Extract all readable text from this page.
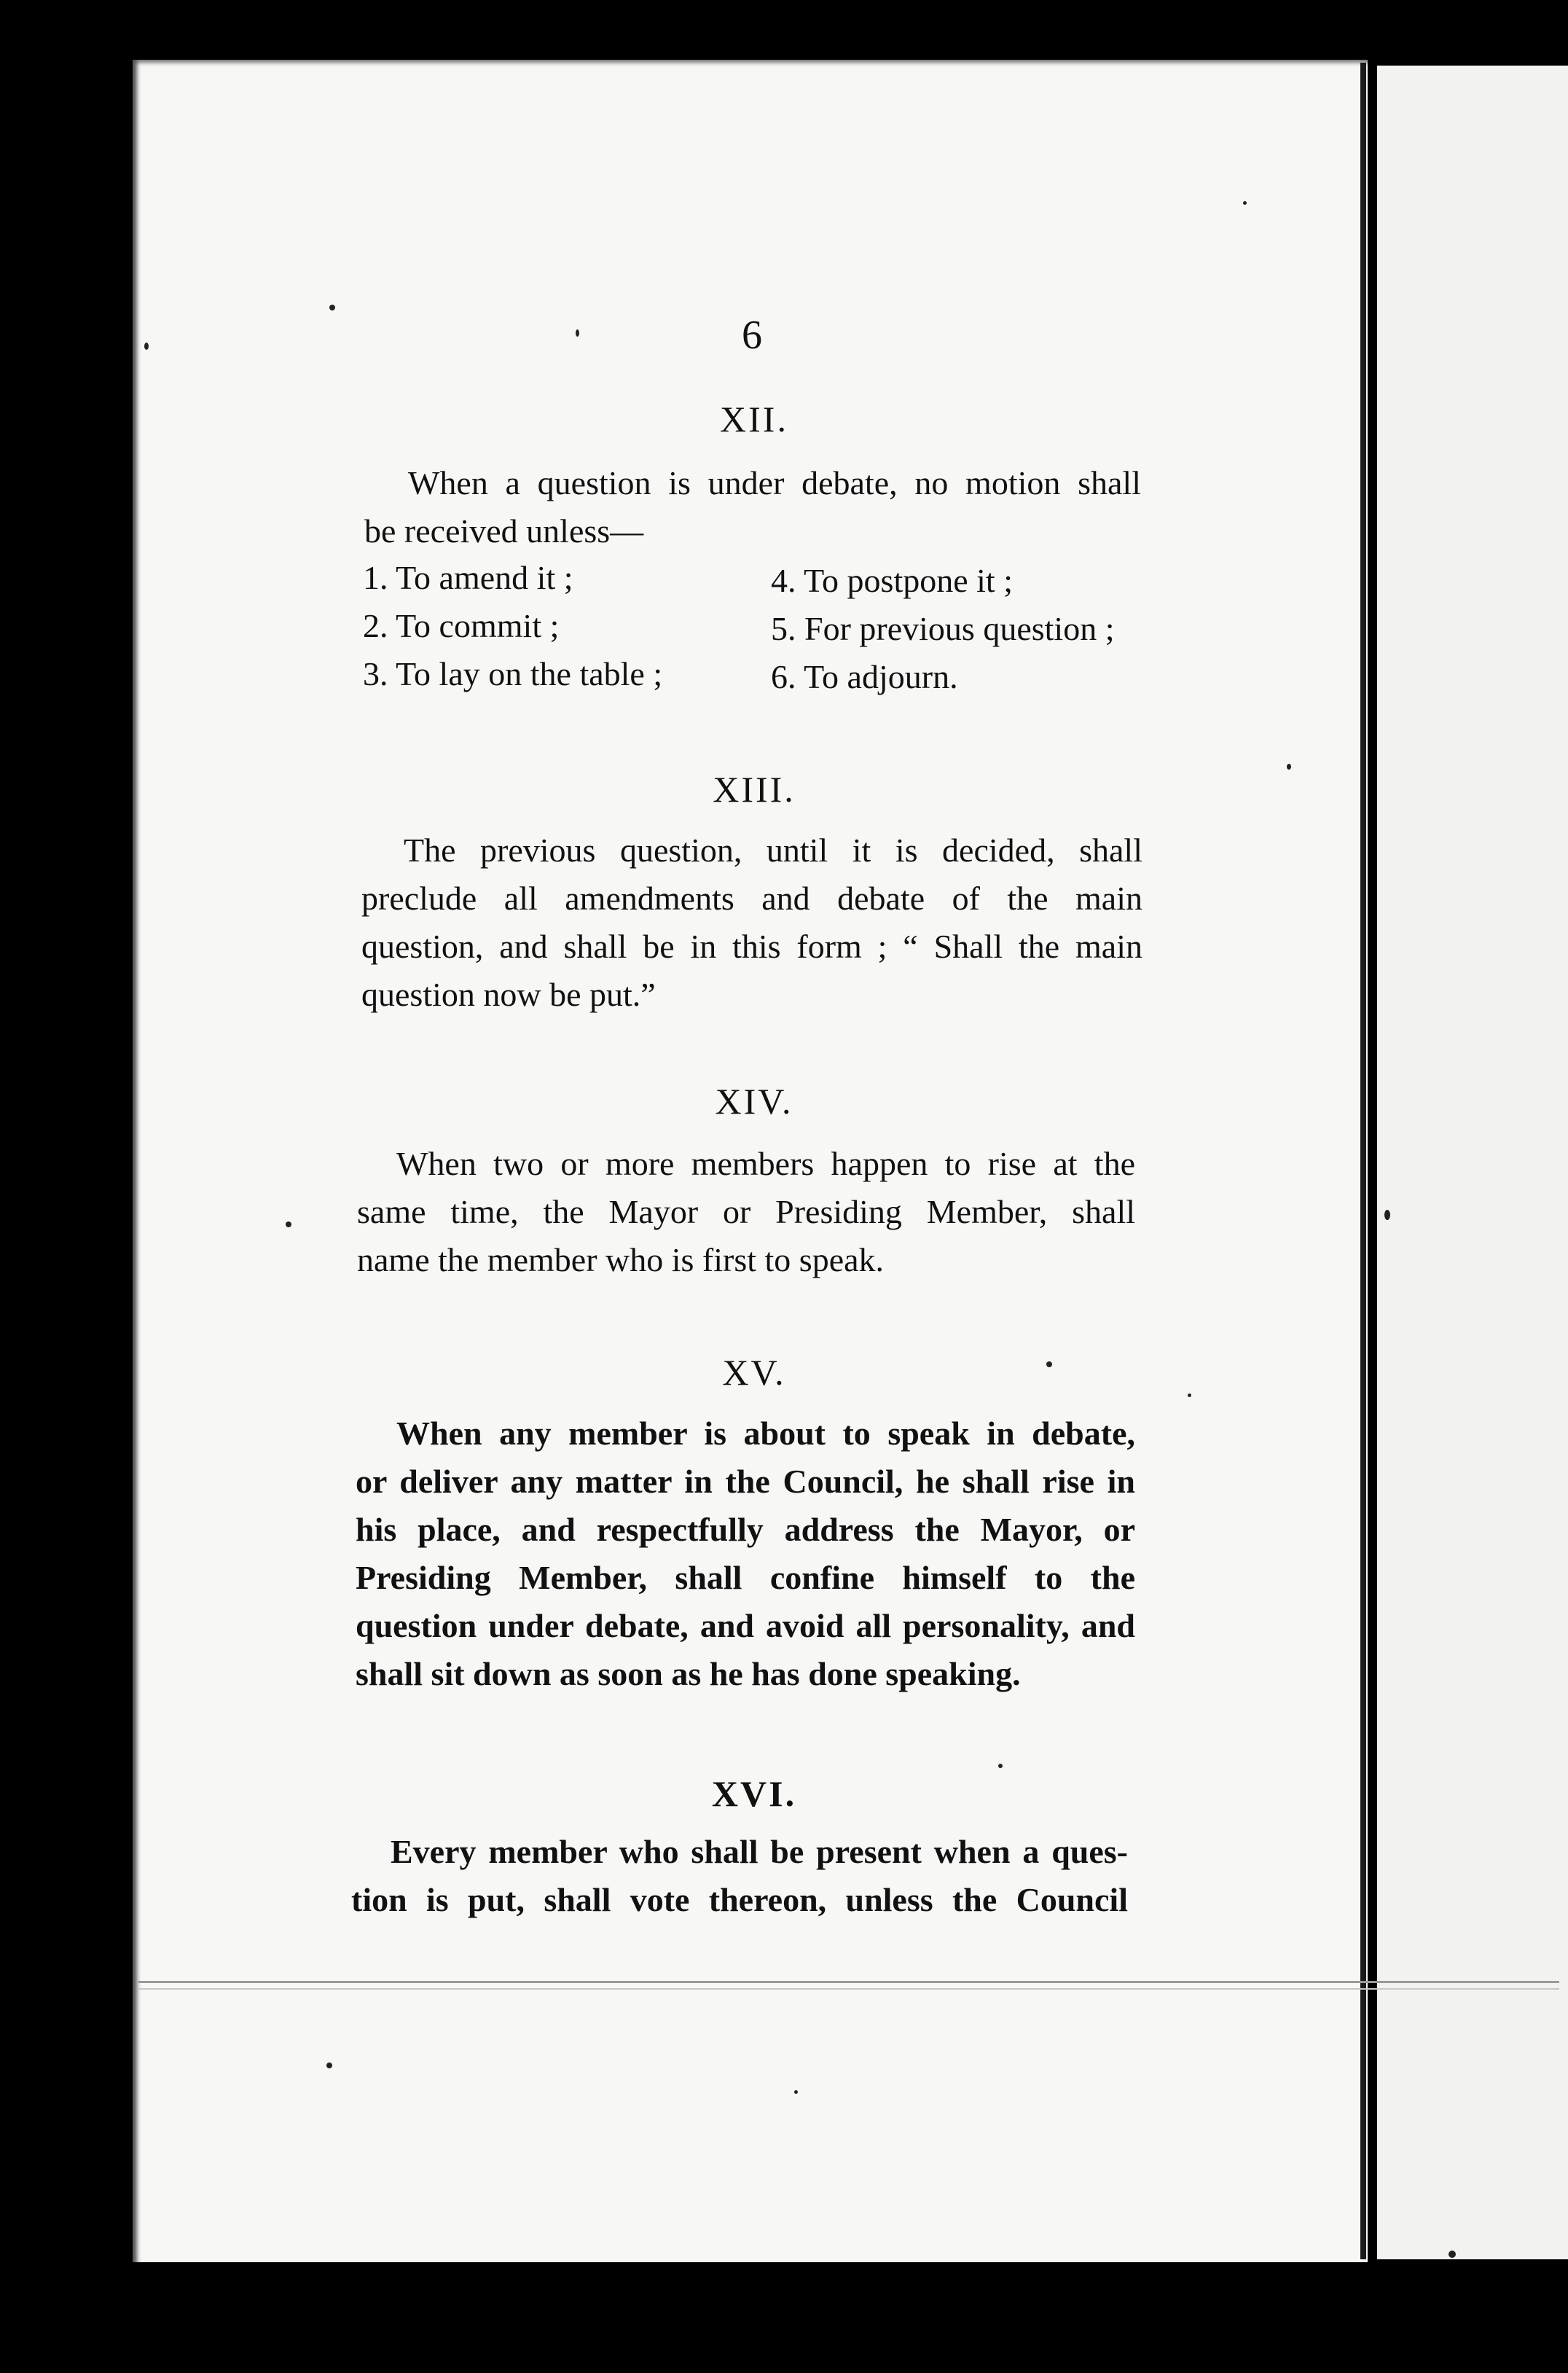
6
XII.
When a question is under debate, no motion shall
be received unless—
1. To amend it ;
2. To commit ;
3. To lay on the table ;
4. To postpone it ;
5. For previous question ;
6. To adjourn.
XIII.
The previous question, until it is decided, shall
preclude all amendments and debate of the main
question, and shall be in this form ; “ Shall the main
question now be put.”
XIV.
When two or more members happen to rise at the
same time, the Mayor or Presiding Member, shall
name the member who is first to speak.
XV.
When any member is about to speak in debate,
or deliver any matter in the Council, he shall rise in
his place, and respectfully address the Mayor, or
Presiding Member, shall confine himself to the
question under debate, and avoid all personality, and
shall sit down as soon as he has done speaking.
XVI.
Every member who shall be present when a ques-
tion is put, shall vote thereon, unless the Council
